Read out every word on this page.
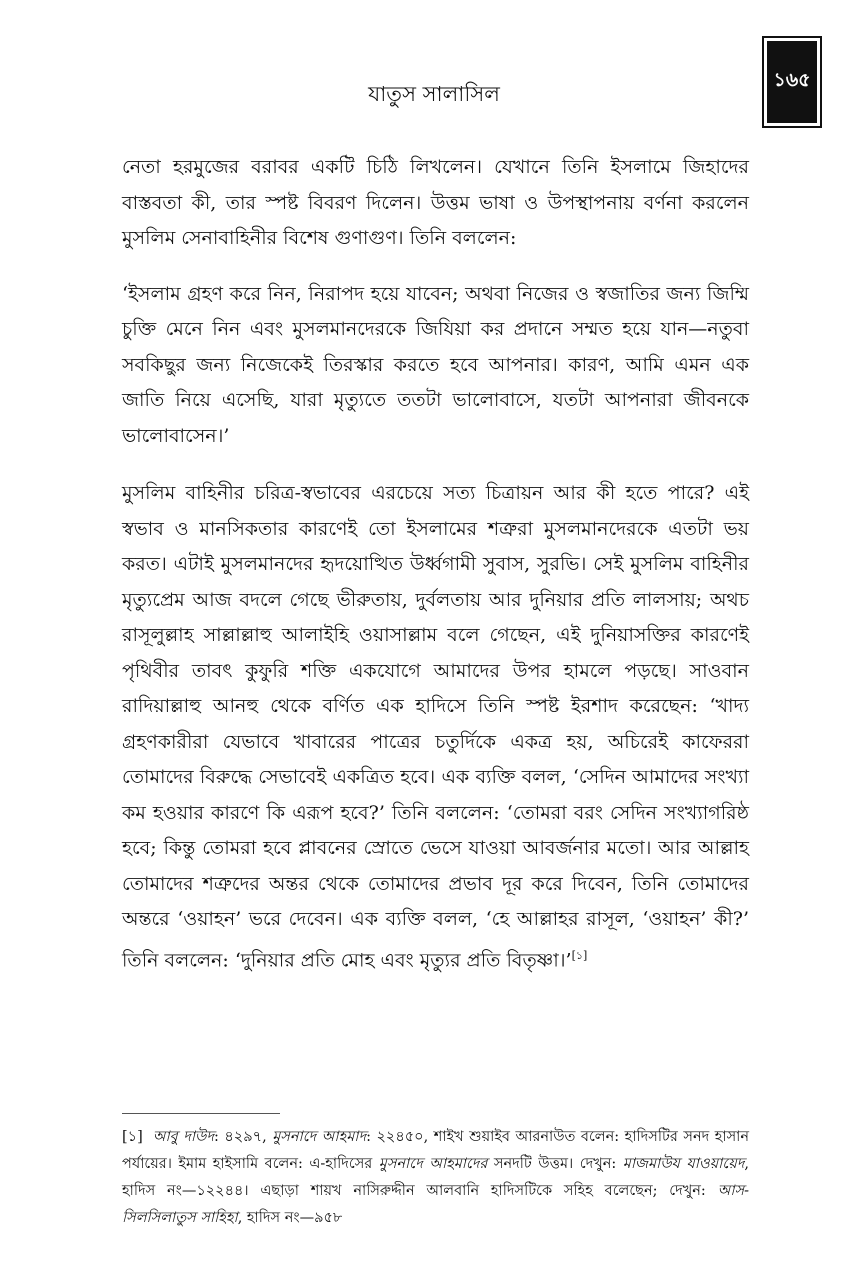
১৬৫
যাতুস সালাসিল

নেতা হরমুজের বরাবর একটি চিঠি লিখলেন। যেখানে তিনি ইসলামে জিহাদের বাস্তবতা কী, তার স্পষ্ট বিবরণ দিলেন। উত্তম ভাষা ও উপস্থাপনায় বর্ণনা করলেন মুসলিম সেনাবাহিনীর বিশেষ গুণাগুণ। তিনি বললেন:

‘ইসলাম গ্রহণ করে নিন, নিরাপদ হয়ে যাবেন; অথবা নিজের ও স্বজাতির জন্য জিম্মি চুক্তি মেনে নিন এবং মুসলমানদেরকে জিযিয়া কর প্রদানে সম্মত হয়ে যান—নতুবা সবকিছুর জন্য নিজেকেই তিরস্কার করতে হবে আপনার। কারণ, আমি এমন এক জাতি নিয়ে এসেছি, যারা মৃত্যুতে ততটা ভালোবাসে, যতটা আপনারা জীবনকে ভালোবাসেন।’

মুসলিম বাহিনীর চরিত্র-স্বভাবের এরচেয়ে সত্য চিত্রায়ন আর কী হতে পারে? এই স্বভাব ও মানসিকতার কারণেই তো ইসলামের শত্রুরা মুসলমানদেরকে এতটা ভয় করত। এটাই মুসলমানদের হৃদয়োত্থিত উর্ধ্বগামী সুবাস, সুরভি। সেই মুসলিম বাহিনীর মৃত্যুপ্রেম আজ বদলে গেছে ভীরুতায়, দুর্বলতায় আর দুনিয়ার প্রতি লালসায়; অথচ রাসূলুল্লাহ সাল্লাল্লাহু আলাইহি ওয়াসাল্লাম বলে গেছেন, এই দুনিয়াসক্তির কারণেই পৃথিবীর তাবৎ কুফুরি শক্তি একযোগে আমাদের উপর হামলে পড়ছে। সাওবান রাদিয়াল্লাহু আনহু থেকে বর্ণিত এক হাদিসে তিনি স্পষ্ট ইরশাদ করেছেন: ‘খাদ্য গ্রহণকারীরা যেভাবে খাবারের পাত্রের চতুর্দিকে একত্র হয়, অচিরেই কাফেররা তোমাদের বিরুদ্ধে সেভাবেই একত্রিত হবে। এক ব্যক্তি বলল, ‘সেদিন আমাদের সংখ্যা কম হওয়ার কারণে কি এরূপ হবে?’ তিনি বললেন: ‘তোমরা বরং সেদিন সংখ্যাগরিষ্ঠ হবে; কিন্তু তোমরা হবে প্লাবনের স্রোতে ভেসে যাওয়া আবর্জনার মতো। আর আল্লাহ তোমাদের শত্রুদের অন্তর থেকে তোমাদের প্রভাব দূর করে দিবেন, তিনি তোমাদের অন্তরে ‘ওয়াহন’ ভরে দেবেন। এক ব্যক্তি বলল, ‘হে আল্লাহর রাসূল, ‘ওয়াহন’ কী?’ তিনি বললেন: ‘দুনিয়ার প্রতি মোহ এবং মৃত্যুর প্রতি বিতৃষ্ণা।’[১]

[১] আবু দাউদ: ৪২৯৭, মুসনাদে আহমাদ: ২২৪৫০, শাইখ শুয়াইব আরনাউত বলেন: হাদিসটির সনদ হাসান পর্যায়ের। ইমাম হাইসামি বলেন: এ-হাদিসের মুসনাদে আহমাদের সনদটি উত্তম। দেখুন: মাজমাউয যাওয়ায়েদ, হাদিস নং—১২২৪৪। এছাড়া শায়খ নাসিরুদ্দীন আলবানি হাদিসটিকে সহিহ বলেছেন; দেখুন: আস-সিলসিলাতুস সাহিহা, হাদিস নং—৯৫৮
